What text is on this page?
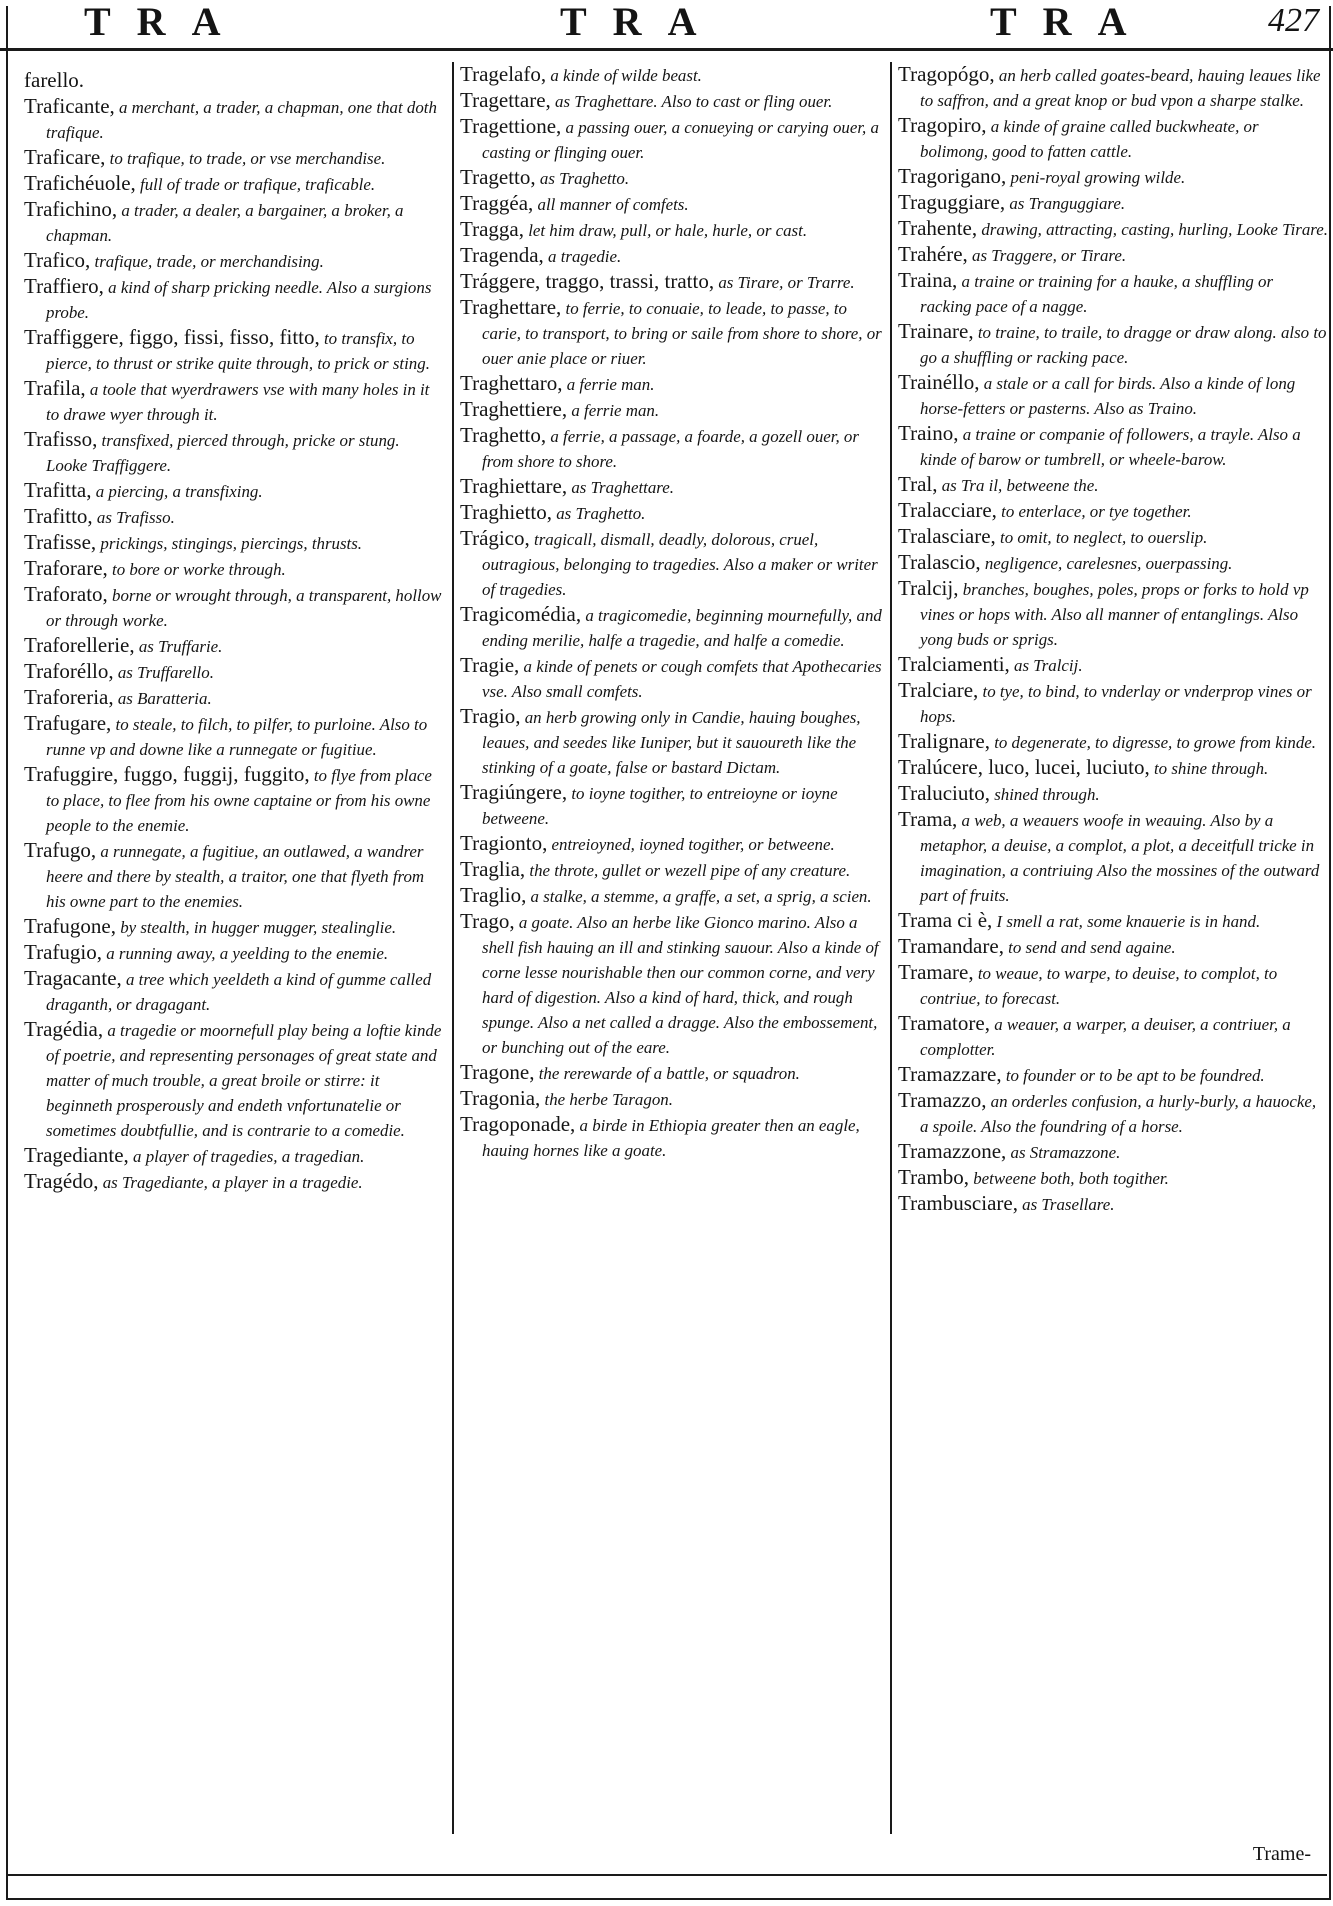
TRA	TRA	TRA	427

farello.

Traficante, a merchant, a trader, a chapman, one that doth trafique.

Traficare, to trafique, to trade, or vse merchandise.

Trafichéuole, full of trade or trafique, traficable.

Trafichino, a trader, a dealer, a bargainer, a broker, a chapman.

Trafico, trafique, trade, or merchandising.

Traffiero, a kind of sharp pricking needle. Also a surgions probe.

Traffiggere, figgo, fissi, fisso, fitto, to transfix, to pierce, to thrust or strike quite through, to prick or sting.

Trafila, a toole that wyerdrawers vse with many holes in it to drawe wyer through it.

Trafisso, transfixed, pierced through, pricke or stung. Looke Traffiggere.

Trafitta, a piercing, a transfixing.

Trafitto, as Trafisso.

Trafisse, prickings, stingings, piercings, thrusts.

Traforare, to bore or worke through.

Traforato, borne or wrought through, a transparent, hollow or through worke.

Traforellerie, as Truffarie.

Traforéllo, as Truffarello.

Traforeria, as Baratteria.

Trafugare, to steale, to filch, to pilfer, to purloine. Also to runne vp and downe like a runnegate or fugitiue.

Trafuggire, fuggo, fuggij, fuggito, to flye from place to place, to flee from his owne captaine or from his owne people to the enemie.

Trafugo, a runnegate, a fugitiue, an outlawed, a wandrer heere and there by stealth, a traitor, one that flyeth from his owne part to the enemies.

Trafugone, by stealth, in hugger mugger, stealinglie.

Trafugio, a running away, a yeelding to the enemie.

Tragacante, a tree which yeeldeth a kind of gumme called draganth, or dragagant.

Tragédia, a tragedie or moornefull play being a loftie kinde of poetrie, and representing personages of great state and matter of much trouble, a great broile or stirre: it beginneth prosperously and endeth vnfortunatelie or sometimes doubtfullie, and is contrarie to a comedie.

Tragediante, a player of tragedies, a tragedian.

Tragédo, as Tragediante, a player in a tragedie.

Tragelafo, a kinde of wilde beast.

Tragettare, as Traghettare. Also to cast or fling ouer.

Tragettione, a passing ouer, a conueying or carying ouer, a casting or flinging ouer.

Tragetto, as Traghetto.

Traggéa, all manner of comfets.

Tragga, let him draw, pull, or hale, hurle, or cast.

Tragenda, a tragedie.

Trággere, traggo, trassi, tratto, as Tirare, or Trarre.

Traghettare, to ferrie, to conuaie, to leade, to passe, to carie, to transport, to bring or saile from shore to shore, or ouer anie place or riuer.

Traghettaro, a ferrie man.

Traghettiere, a ferrie man.

Traghetto, a ferrie, a passage, a foarde, a gozell ouer, or from shore to shore.

Traghiettare, as Traghettare.

Traghietto, as Traghetto.

Trágico, tragicall, dismall, deadly, dolorous, cruel, outragious, belonging to tragedies. Also a maker or writer of tragedies.

Tragicomédia, a tragicomedie, beginning mournefully, and ending merilie, halfe a tragedie, and halfe a comedie.

Tragie, a kinde of penets or cough comfets that Apothecaries vse. Also small comfets.

Tragio, an herb growing only in Candie, hauing boughes, leaues, and seedes like Iuniper, but it sauoureth like the stinking of a goate, false or bastard Dictam.

Tragiúngere, to ioyne togither, to entreioyne or ioyne betweene.

Tragionto, entreioyned, ioyned togither, or betweene.

Traglia, the throte, gullet or wezell pipe of any creature.

Traglio, a stalke, a stemme, a graffe, a set, a sprig, a scien.

Trago, a goate. Also an herbe like Gionco marino. Also a shell fish hauing an ill and stinking sauour. Also a kinde of corne lesse nourishable then our common corne, and very hard of digestion. Also a kind of hard, thick, and rough spunge. Also a net called a dragge. Also the embossement, or bunching out of the eare.

Tragone, the rerewarde of a battle, or squadron.

Tragonia, the herbe Taragon.

Tragoponade, a birde in Ethiopia greater then an eagle, hauing hornes like a goate.

Tragopógo, an herb called goates-beard, hauing leaues like to saffron, and a great knop or bud vpon a sharpe stalke.

Tragopiro, a kinde of graine called buckwheate, or bolimong, good to fatten cattle.

Tragorigano, peni-royal growing wilde.

Traguggiare, as Tranguggiare.

Trahente, drawing, attracting, casting, hurling, Looke Tirare.

Trahére, as Traggere, or Tirare.

Traina, a traine or training for a hauke, a shuffling or racking pace of a nagge.

Trainare, to traine, to traile, to dragge or draw along. also to go a shuffling or racking pace.

Trainéllo, a stale or a call for birds. Also a kinde of long horse-fetters or pasterns. Also as Traino.

Traino, a traine or companie of followers, a trayle. Also a kinde of barow or tumbrell, or wheele-barow.

Tral, as Tra il, betweene the.

Tralacciare, to enterlace, or tye together.

Tralasciare, to omit, to neglect, to ouerslip.

Tralascio, negligence, carelesnes, ouerpassing.

Tralcij, branches, boughes, poles, props or forks to hold vp vines or hops with. Also all manner of entanglings. Also yong buds or sprigs.

Tralciamenti, as Tralcij.

Tralciare, to tye, to bind, to vnderlay or vnderprop vines or hops.

Tralignare, to degenerate, to digresse, to growe from kinde.

Tralúcere, luco, lucei, luciuto, to shine through.

Traluciuto, shined through.

Trama, a web, a weauers woofe in weauing. Also by a metaphor, a deuise, a complot, a plot, a deceitfull tricke in imagination, a contriuing Also the mossines of the outward part of fruits.

Trama ci è, I smell a rat, some knauerie is in hand.

Tramandare, to send and send againe.

Tramare, to weaue, to warpe, to deuise, to complot, to contriue, to forecast.

Tramatore, a weauer, a warper, a deuiser, a contriuer, a complotter.

Tramazzare, to founder or to be apt to be foundred.

Tramazzo, an orderles confusion, a hurly-burly, a hauocke, a spoile. Also the foundring of a horse.

Tramazzone, as Stramazzone.

Trambo, betweene both, both togither.

Trambusciare, as Trasellare.

Trame-
